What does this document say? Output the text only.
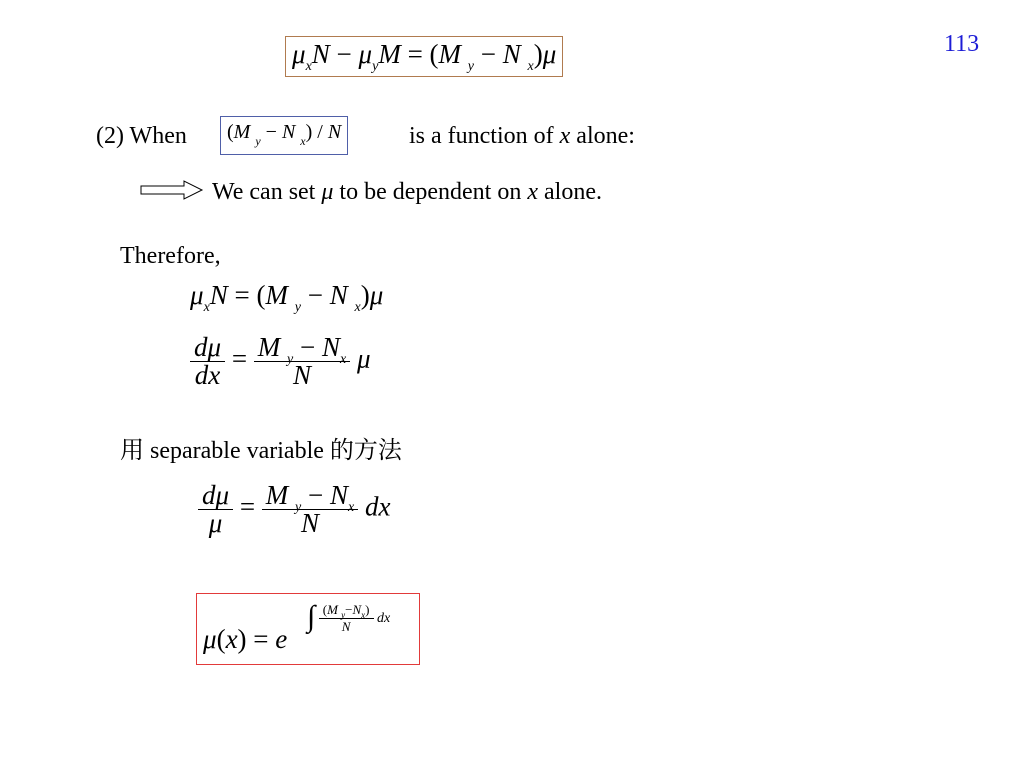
113
$\mu_xN - \mu_yM = (M$ $_y$ − N $_x$)μ
(2) When	(M $_y$ − N $_x$) / N	is a function of x alone:
We can set μ to be dependent on x alone.
Therefore,
$\mu_xN = (M$ $_y$ − N $_x$)μ
$\frac{d\mu}{dx} = \frac{M _y - N_x}{N}$ μ
用 separable variable 的方法
$\frac{d\mu}{\mu} = \frac{M _y - N_x}{N}$ dx
μ(x) = e
∫ $\frac{(M _y-N_x)}{N}$ dx
